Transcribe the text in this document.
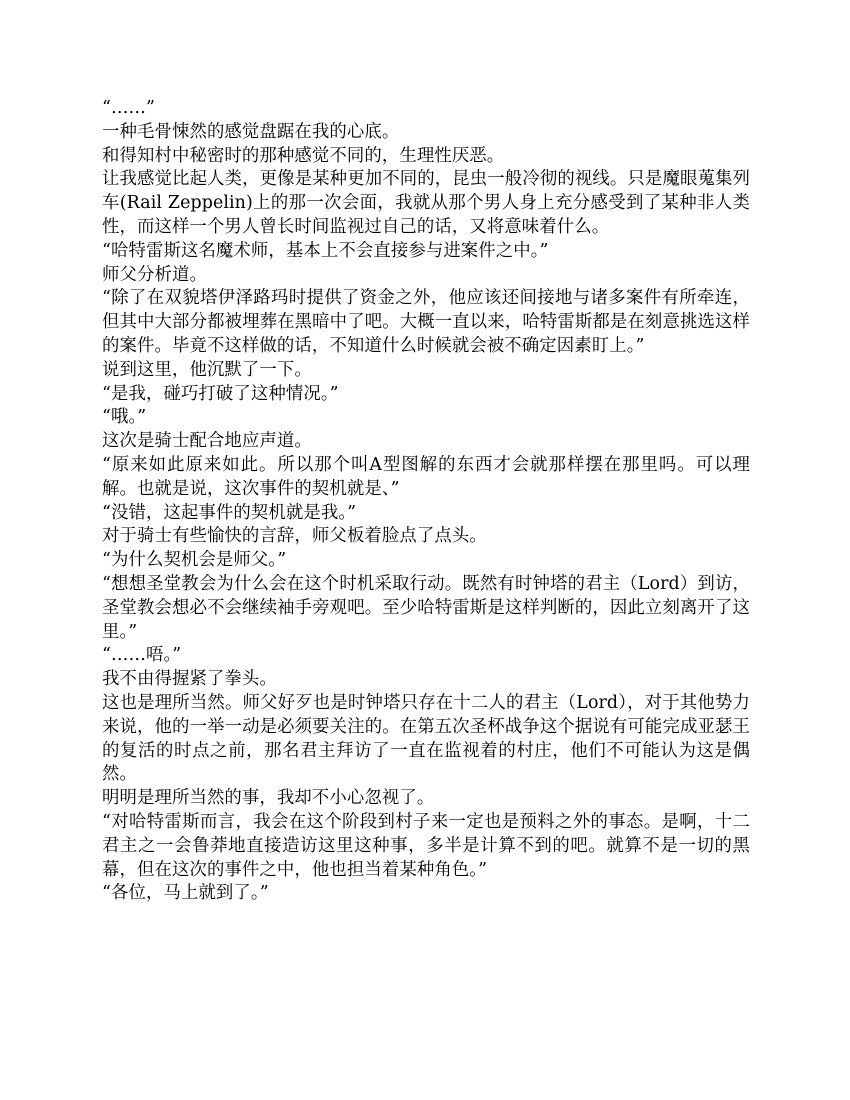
“……”

一种毛骨悚然的感觉盘踞在我的心底。

和得知村中秘密时的那种感觉不同的，生理性厌恶。

让我感觉比起人类，更像是某种更加不同的，昆虫一般冷彻的视线。只是魔眼蒐集列车(Rail Zeppelin)上的那一次会面，我就从那个男人身上充分感受到了某种非人类性，而这样一个男人曾长时间监视过自己的话，又将意味着什么。

“哈特雷斯这名魔术师，基本上不会直接参与进案件之中。”

师父分析道。

“除了在双貌塔伊泽路玛时提供了资金之外，他应该还间接地与诸多案件有所牵连，但其中大部分都被埋葬在黑暗中了吧。大概一直以来，哈特雷斯都是在刻意挑选这样的案件。毕竟不这样做的话，不知道什么时候就会被不确定因素盯上。”

说到这里，他沉默了一下。

“是我，碰巧打破了这种情况。”

“哦。”

这次是骑士配合地应声道。

“原来如此原来如此。所以那个叫A型图解的东西才会就那样摆在那里吗。可以理解。也就是说，这次事件的契机就是、”

“没错，这起事件的契机就是我。”

对于骑士有些愉快的言辞，师父板着脸点了点头。

“为什么契机会是师父。”

“想想圣堂教会为什么会在这个时机采取行动。既然有时钟塔的君主（Lord）到访，圣堂教会想必不会继续袖手旁观吧。至少哈特雷斯是这样判断的，因此立刻离开了这里。”

“……唔。”

我不由得握紧了拳头。

这也是理所当然。师父好歹也是时钟塔只存在十二人的君主（Lord），对于其他势力来说，他的一举一动是必须要关注的。在第五次圣杯战争这个据说有可能完成亚瑟王的复活的时点之前，那名君主拜访了一直在监视着的村庄，他们不可能认为这是偶然。

明明是理所当然的事，我却不小心忽视了。

“对哈特雷斯而言，我会在这个阶段到村子来一定也是预料之外的事态。是啊，十二君主之一会鲁莽地直接造访这里这种事，多半是计算不到的吧。就算不是一切的黑幕，但在这次的事件之中，他也担当着某种角色。”

“各位，马上就到了。”
